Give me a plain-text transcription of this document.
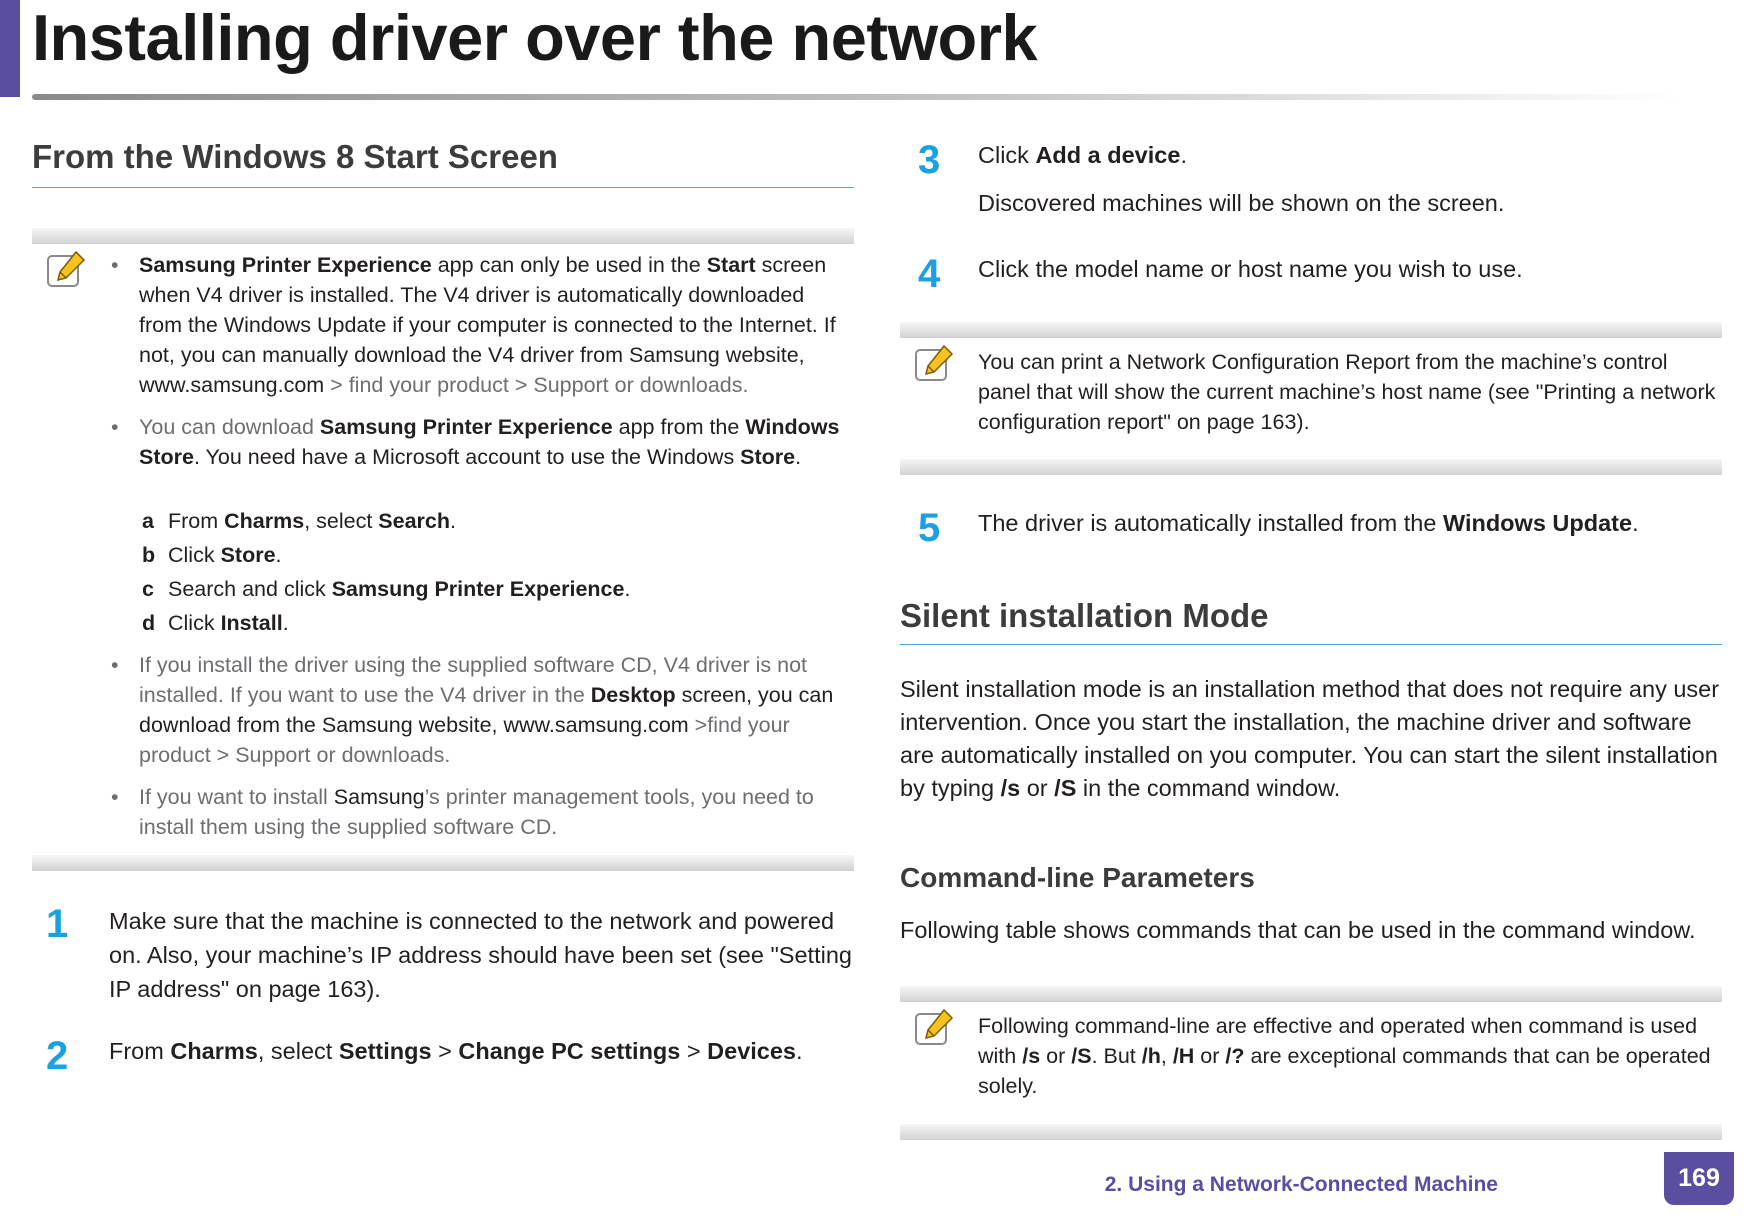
Installing driver over the network
From the Windows 8 Start Screen
• Samsung Printer Experience app can only be used in the Start screen when V4 driver is installed. The V4 driver is automatically downloaded from the Windows Update if your computer is connected to the Internet. If not, you can manually download the V4 driver from Samsung website, www.samsung.com > find your product > Support or downloads.
• You can download Samsung Printer Experience app from the Windows Store. You need have a Microsoft account to use the Windows Store.
a From Charms, select Search.
b Click Store.
c Search and click Samsung Printer Experience.
d Click Install.
• If you install the driver using the supplied software CD, V4 driver is not installed. If you want to use the V4 driver in the Desktop screen, you can download from the Samsung website, www.samsung.com >find your product > Support or downloads.
• If you want to install Samsung’s printer management tools, you need to install them using the supplied software CD.
1 Make sure that the machine is connected to the network and powered on. Also, your machine’s IP address should have been set (see "Setting IP address" on page 163).
2 From Charms, select Settings > Change PC settings > Devices.
3 Click Add a device.
Discovered machines will be shown on the screen.
4 Click the model name or host name you wish to use.
You can print a Network Configuration Report from the machine’s control panel that will show the current machine’s host name (see "Printing a network configuration report" on page 163).
5 The driver is automatically installed from the Windows Update.
Silent installation Mode
Silent installation mode is an installation method that does not require any user intervention. Once you start the installation, the machine driver and software are automatically installed on you computer. You can start the silent installation by typing /s or /S in the command window.
Command-line Parameters
Following table shows commands that can be used in the command window.
Following command-line are effective and operated when command is used with /s or /S. But /h, /H or /? are exceptional commands that can be operated solely.
2. Using a Network-Connected Machine	169
